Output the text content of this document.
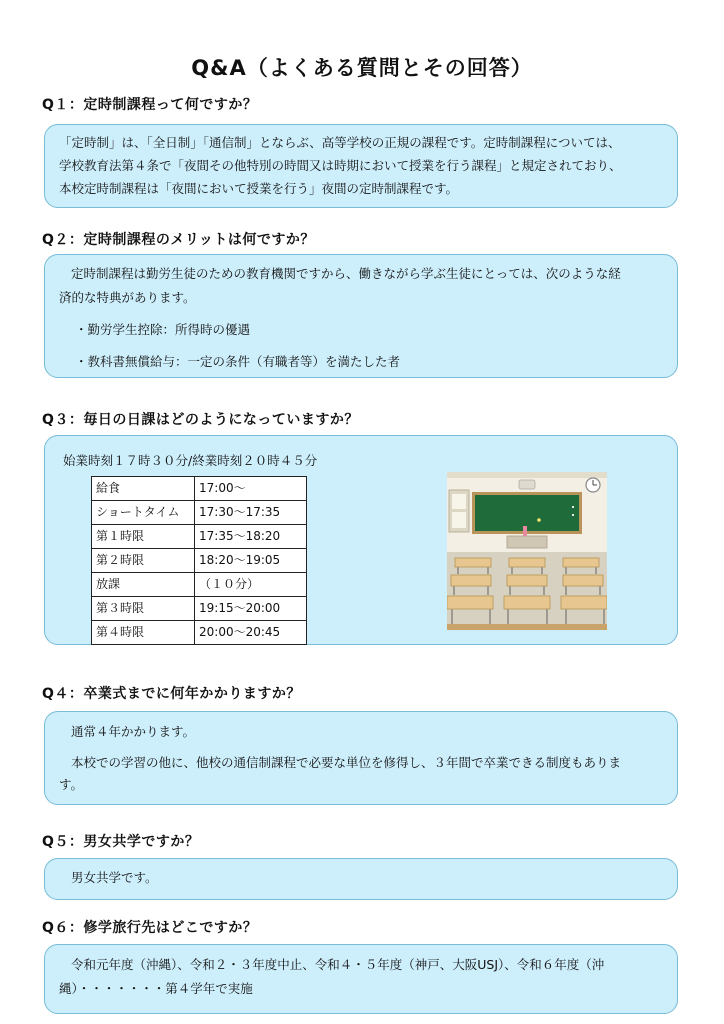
Q&A（よくある質問とその回答）
Q１：定時制課程って何ですか？

「定時制」は、「全日制」「通信制」とならぶ、高等学校の正規の課程です。定時制課程については、

学校教育法第４条で「夜間その他特別の時間又は時期において授業を行う課程」と規定されており、

本校定時制課程は「夜間において授業を行う」夜間の定時制課程です。

Q２：定時制課程のメリットは何ですか？

定時制課程は勤労生徒のための教育機関ですから、働きながら学ぶ生徒にとっては、次のような経

済的な特典があります。

・勤労学生控除：所得時の優遇

・教科書無償給与：一定の条件（有職者等）を満たした者

Q３：毎日の日課はどのようになっていますか？
始業時刻１７時３０分/終業時刻２０時４５分
給食	17:00～
ショートタイム	17:30～17:35
第１時限	17:35～18:20
第２時限	18:20～19:05
放課	（１０分）
第３時限	19:15～20:00
第４時限	20:00～20:45
Q４：卒業式までに何年かかりますか？

通常４年かかります。

本校での学習の他に、他校の通信制課程で必要な単位を修得し、３年間で卒業できる制度もありま

す。

Q５：男女共学ですか？

男女共学です。

Q６：修学旅行先はどこですか？

令和元年度（沖縄）、令和２・３年度中止、令和４・５年度（神戸、大阪USJ）、令和６年度（沖

縄）・・・・・・・第４学年で実施
